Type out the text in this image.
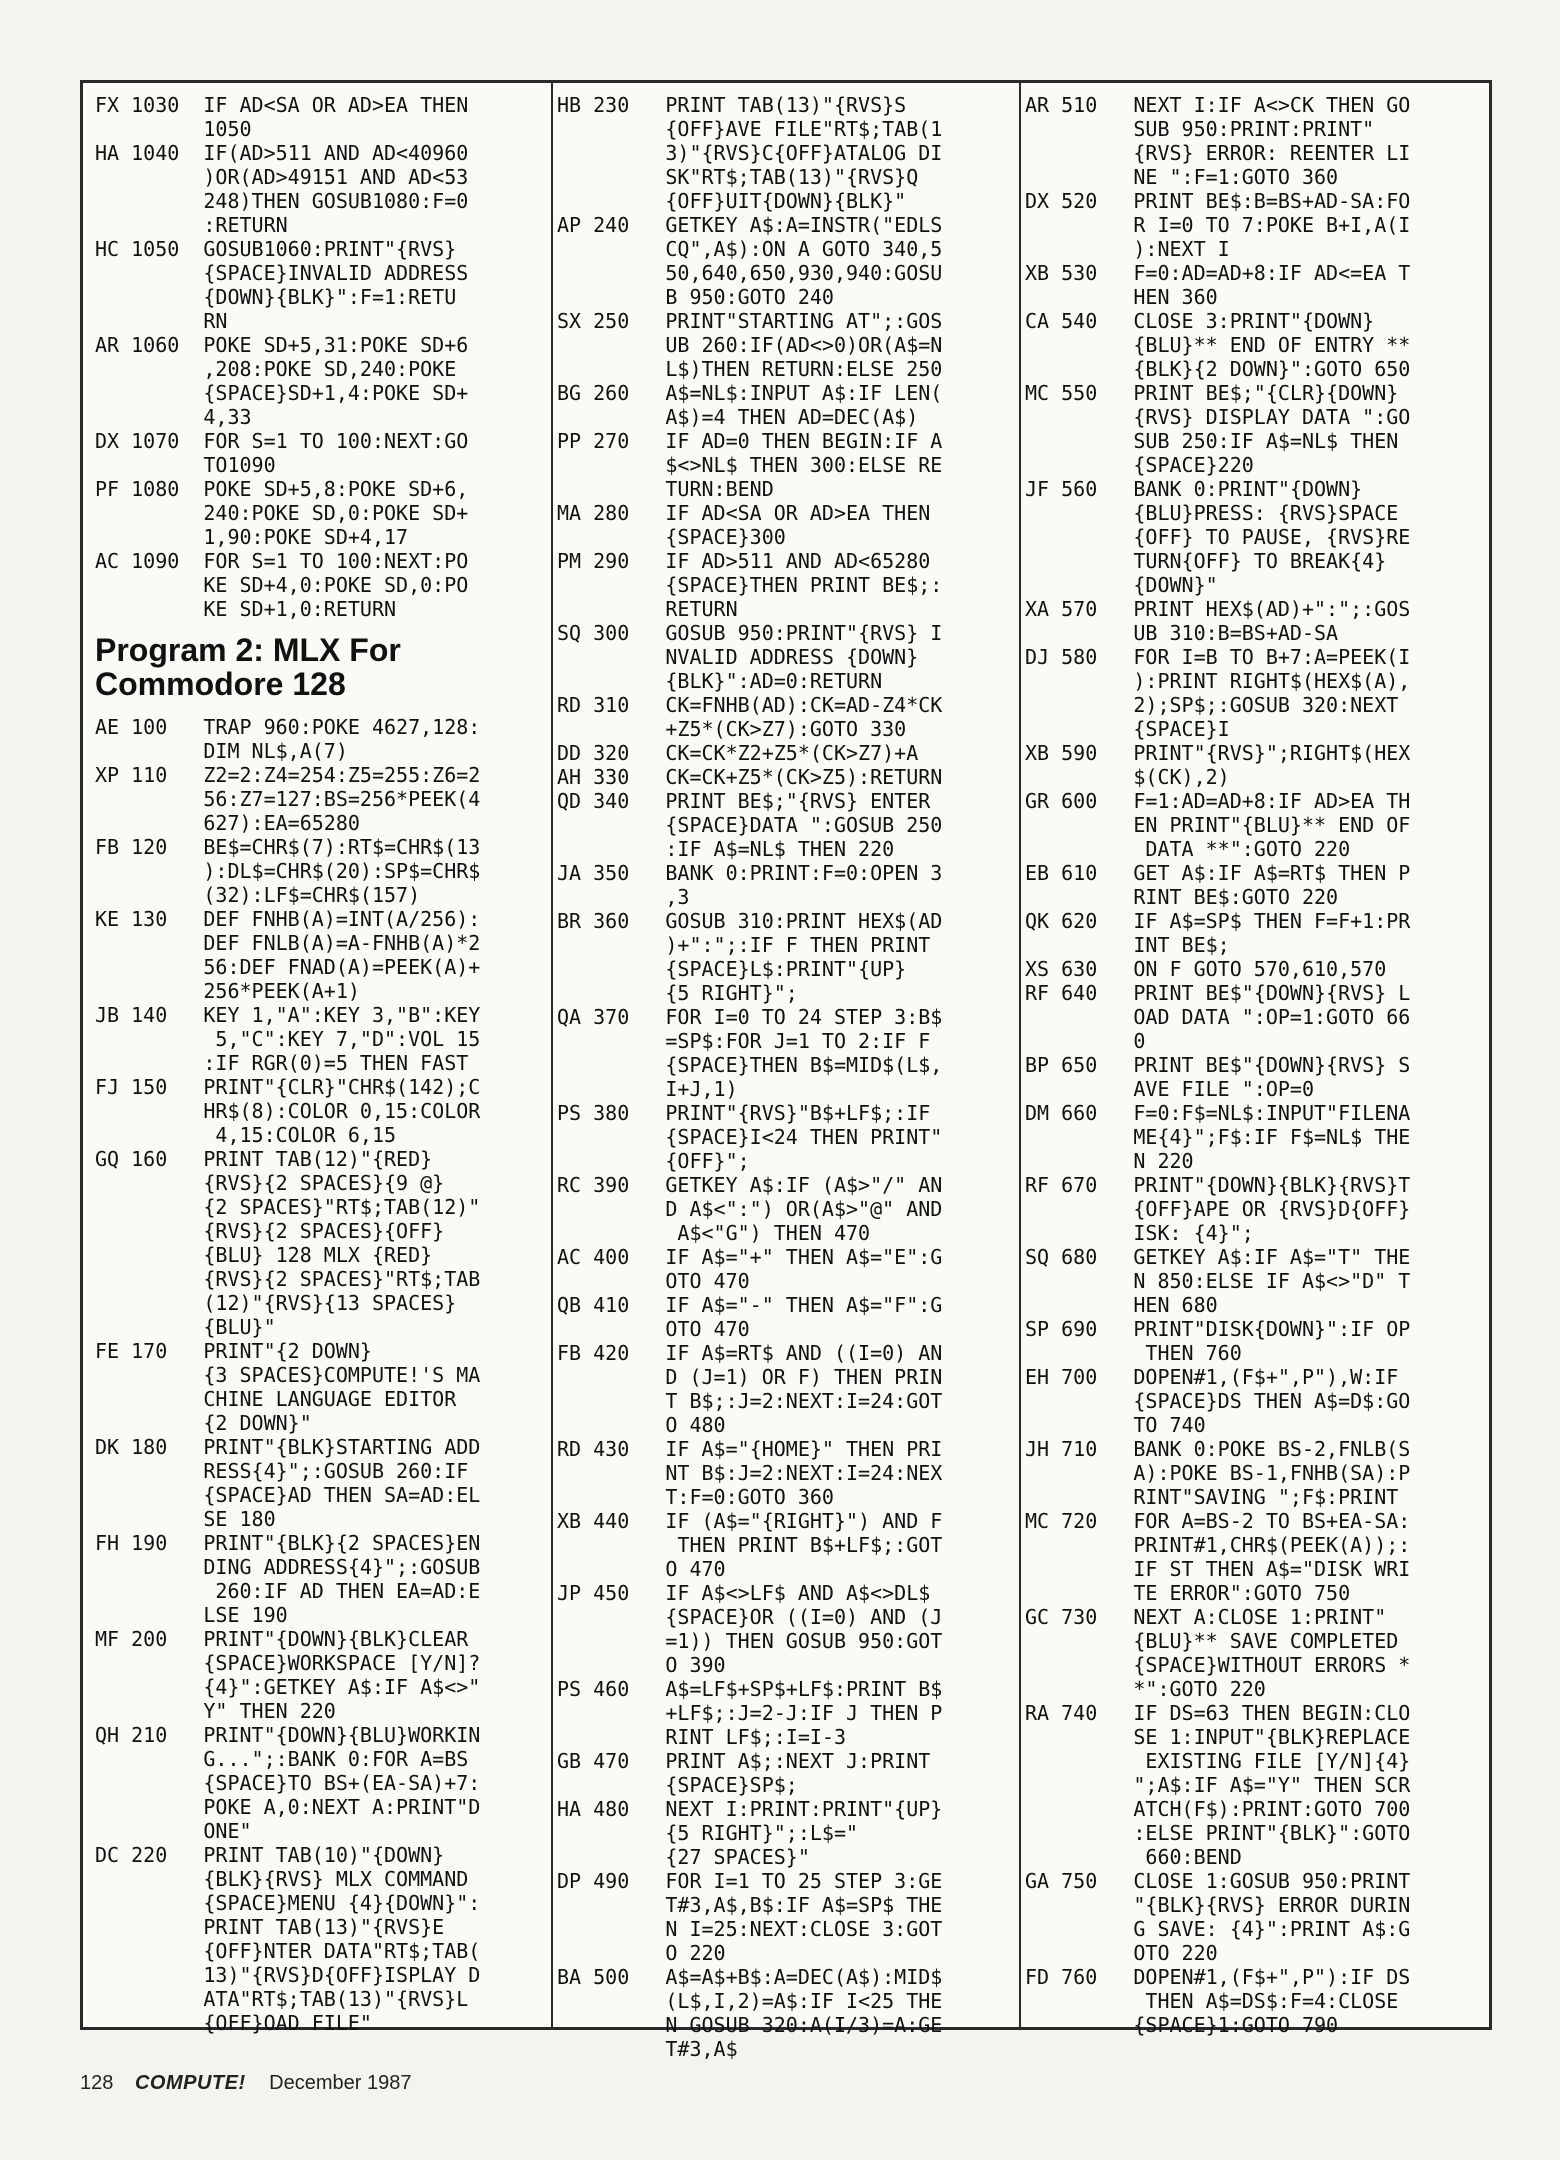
FX 1030  IF AD<SA OR AD>EA THEN
1050
HA 1040  IF(AD>511 AND AD<40960
)OR(AD>49151 AND AD<53
248)THEN GOSUB1080:F=0
:RETURN
HC 1050  GOSUB1060:PRINT"{RVS}
{SPACE}INVALID ADDRESS
{DOWN}{BLK}":F=1:RETU
RN
AR 1060  POKE SD+5,31:POKE SD+6
,208:POKE SD,240:POKE
{SPACE}SD+1,4:POKE SD+
4,33
DX 1070  FOR S=1 TO 100:NEXT:GO
TO1090
PF 1080  POKE SD+5,8:POKE SD+6,
240:POKE SD,0:POKE SD+
1,90:POKE SD+4,17
AC 1090  FOR S=1 TO 100:NEXT:PO
KE SD+4,0:POKE SD,0:PO
KE SD+1,0:RETURN
Program 2: MLX For
Commodore 128
AE 100   TRAP 960:POKE 4627,128:
DIM NL$,A(7)
XP 110   Z2=2:Z4=254:Z5=255:Z6=2
56:Z7=127:BS=256*PEEK(4
627):EA=65280
FB 120   BE$=CHR$(7):RT$=CHR$(13
):DL$=CHR$(20):SP$=CHR$
(32):LF$=CHR$(157)
KE 130   DEF FNHB(A)=INT(A/256):
DEF FNLB(A)=A-FNHB(A)*2
56:DEF FNAD(A)=PEEK(A)+
256*PEEK(A+1)
JB 140   KEY 1,"A":KEY 3,"B":KEY
5,"C":KEY 7,"D":VOL 15
:IF RGR(0)=5 THEN FAST
FJ 150   PRINT"{CLR}"CHR$(142);C
HR$(8):COLOR 0,15:COLOR
4,15:COLOR 6,15
GQ 160   PRINT TAB(12)"{RED}
{RVS}{2 SPACES}{9 @}
{2 SPACES}"RT$;TAB(12)"
{RVS}{2 SPACES}{OFF}
{BLU} 128 MLX {RED}
{RVS}{2 SPACES}"RT$;TAB
(12)"{RVS}{13 SPACES}
{BLU}"
FE 170   PRINT"{2 DOWN}
{3 SPACES}COMPUTE!'S MA
CHINE LANGUAGE EDITOR
{2 DOWN}"
DK 180   PRINT"{BLK}STARTING ADD
RESS{4}";:GOSUB 260:IF
{SPACE}AD THEN SA=AD:EL
SE 180
FH 190   PRINT"{BLK}{2 SPACES}EN
DING ADDRESS{4}";:GOSUB
260:IF AD THEN EA=AD:E
LSE 190
MF 200   PRINT"{DOWN}{BLK}CLEAR
{SPACE}WORKSPACE [Y/N]?
{4}":GETKEY A$:IF A$<>"
Y" THEN 220
QH 210   PRINT"{DOWN}{BLU}WORKIN
G...";:BANK 0:FOR A=BS
{SPACE}TO BS+(EA-SA)+7:
POKE A,0:NEXT A:PRINT"D
ONE"
DC 220   PRINT TAB(10)"{DOWN}
{BLK}{RVS} MLX COMMAND
{SPACE}MENU {4}{DOWN}":
PRINT TAB(13)"{RVS}E
{OFF}NTER DATA"RT$;TAB(
13)"{RVS}D{OFF}ISPLAY D
ATA"RT$;TAB(13)"{RVS}L
{OFF}OAD FILE"
HB 230   PRINT TAB(13)"{RVS}S
{OFF}AVE FILE"RT$;TAB(1
3)"{RVS}C{OFF}ATALOG DI
SK"RT$;TAB(13)"{RVS}Q
{OFF}UIT{DOWN}{BLK}"
AP 240   GETKEY A$:A=INSTR("EDLS
CQ",A$):ON A GOTO 340,5
50,640,650,930,940:GOSU
B 950:GOTO 240
SX 250   PRINT"STARTING AT";:GOS
UB 260:IF(AD<>0)OR(A$=N
L$)THEN RETURN:ELSE 250
BG 260   A$=NL$:INPUT A$:IF LEN(
A$)=4 THEN AD=DEC(A$)
PP 270   IF AD=0 THEN BEGIN:IF A
$<>NL$ THEN 300:ELSE RE
TURN:BEND
MA 280   IF AD<SA OR AD>EA THEN
{SPACE}300
PM 290   IF AD>511 AND AD<65280
{SPACE}THEN PRINT BE$;:
RETURN
SQ 300   GOSUB 950:PRINT"{RVS} I
NVALID ADDRESS {DOWN}
{BLK}":AD=0:RETURN
RD 310   CK=FNHB(AD):CK=AD-Z4*CK
+Z5*(CK>Z7):GOTO 330
DD 320   CK=CK*Z2+Z5*(CK>Z7)+A
AH 330   CK=CK+Z5*(CK>Z5):RETURN
QD 340   PRINT BE$;"{RVS} ENTER
{SPACE}DATA ":GOSUB 250
:IF A$=NL$ THEN 220
JA 350   BANK 0:PRINT:F=0:OPEN 3
,3
BR 360   GOSUB 310:PRINT HEX$(AD
)+":";:IF F THEN PRINT
{SPACE}L$:PRINT"{UP}
{5 RIGHT}";
QA 370   FOR I=0 TO 24 STEP 3:B$
=SP$:FOR J=1 TO 2:IF F
{SPACE}THEN B$=MID$(L$,
I+J,1)
PS 380   PRINT"{RVS}"B$+LF$;:IF
{SPACE}I<24 THEN PRINT"
{OFF}";
RC 390   GETKEY A$:IF (A$>"/" AN
D A$<":") OR(A$>"@" AND
A$<"G") THEN 470
AC 400   IF A$="+" THEN A$="E":G
OTO 470
QB 410   IF A$="-" THEN A$="F":G
OTO 470
FB 420   IF A$=RT$ AND ((I=0) AN
D (J=1) OR F) THEN PRIN
T B$;:J=2:NEXT:I=24:GOT
O 480
RD 430   IF A$="{HOME}" THEN PRI
NT B$:J=2:NEXT:I=24:NEX
T:F=0:GOTO 360
XB 440   IF (A$="{RIGHT}") AND F
THEN PRINT B$+LF$;:GOT
O 470
JP 450   IF A$<>LF$ AND A$<>DL$
{SPACE}OR ((I=0) AND (J
=1)) THEN GOSUB 950:GOT
O 390
PS 460   A$=LF$+SP$+LF$:PRINT B$
+LF$;:J=2-J:IF J THEN P
RINT LF$;:I=I-3
GB 470   PRINT A$;:NEXT J:PRINT
{SPACE}SP$;
HA 480   NEXT I:PRINT:PRINT"{UP}
{5 RIGHT}";:L$="
{27 SPACES}"
DP 490   FOR I=1 TO 25 STEP 3:GE
T#3,A$,B$:IF A$=SP$ THE
N I=25:NEXT:CLOSE 3:GOT
O 220
BA 500   A$=A$+B$:A=DEC(A$):MID$
(L$,I,2)=A$:IF I<25 THE
N GOSUB 320:A(I/3)=A:GE
T#3,A$
AR 510   NEXT I:IF A<>CK THEN GO
SUB 950:PRINT:PRINT"
{RVS} ERROR: REENTER LI
NE ":F=1:GOTO 360
DX 520   PRINT BE$:B=BS+AD-SA:FO
R I=0 TO 7:POKE B+I,A(I
):NEXT I
XB 530   F=0:AD=AD+8:IF AD<=EA T
HEN 360
CA 540   CLOSE 3:PRINT"{DOWN}
{BLU}** END OF ENTRY **
{BLK}{2 DOWN}":GOTO 650
MC 550   PRINT BE$;"{CLR}{DOWN}
{RVS} DISPLAY DATA ":GO
SUB 250:IF A$=NL$ THEN
{SPACE}220
JF 560   BANK 0:PRINT"{DOWN}
{BLU}PRESS: {RVS}SPACE
{OFF} TO PAUSE, {RVS}RE
TURN{OFF} TO BREAK{4}
{DOWN}"
XA 570   PRINT HEX$(AD)+":";:GOS
UB 310:B=BS+AD-SA
DJ 580   FOR I=B TO B+7:A=PEEK(I
):PRINT RIGHT$(HEX$(A),
2);SP$;:GOSUB 320:NEXT
{SPACE}I
XB 590   PRINT"{RVS}";RIGHT$(HEX
$(CK),2)
GR 600   F=1:AD=AD+8:IF AD>EA TH
EN PRINT"{BLU}** END OF
DATA **":GOTO 220
EB 610   GET A$:IF A$=RT$ THEN P
RINT BE$:GOTO 220
QK 620   IF A$=SP$ THEN F=F+1:PR
INT BE$;
XS 630   ON F GOTO 570,610,570
RF 640   PRINT BE$"{DOWN}{RVS} L
OAD DATA ":OP=1:GOTO 66
0
BP 650   PRINT BE$"{DOWN}{RVS} S
AVE FILE ":OP=0
DM 660   F=0:F$=NL$:INPUT"FILENA
ME{4}";F$:IF F$=NL$ THE
N 220
RF 670   PRINT"{DOWN}{BLK}{RVS}T
{OFF}APE OR {RVS}D{OFF}
ISK: {4}";
SQ 680   GETKEY A$:IF A$="T" THE
N 850:ELSE IF A$<>"D" T
HEN 680
SP 690   PRINT"DISK{DOWN}":IF OP
THEN 760
EH 700   DOPEN#1,(F$+",P"),W:IF
{SPACE}DS THEN A$=D$:GO
TO 740
JH 710   BANK 0:POKE BS-2,FNLB(S
A):POKE BS-1,FNHB(SA):P
RINT"SAVING ";F$:PRINT
MC 720   FOR A=BS-2 TO BS+EA-SA:
PRINT#1,CHR$(PEEK(A));:
IF ST THEN A$="DISK WRI
TE ERROR":GOTO 750
GC 730   NEXT A:CLOSE 1:PRINT"
{BLU}** SAVE COMPLETED
{SPACE}WITHOUT ERRORS *
*":GOTO 220
RA 740   IF DS=63 THEN BEGIN:CLO
SE 1:INPUT"{BLK}REPLACE
EXISTING FILE [Y/N]{4}
";A$:IF A$="Y" THEN SCR
ATCH(F$):PRINT:GOTO 700
:ELSE PRINT"{BLK}":GOTO
660:BEND
GA 750   CLOSE 1:GOSUB 950:PRINT
"{BLK}{RVS} ERROR DURIN
G SAVE: {4}":PRINT A$:G
OTO 220
FD 760   DOPEN#1,(F$+",P"):IF DS
THEN A$=DS$:F=4:CLOSE
{SPACE}1:GOTO 790
128 COMPUTE! December 1987
